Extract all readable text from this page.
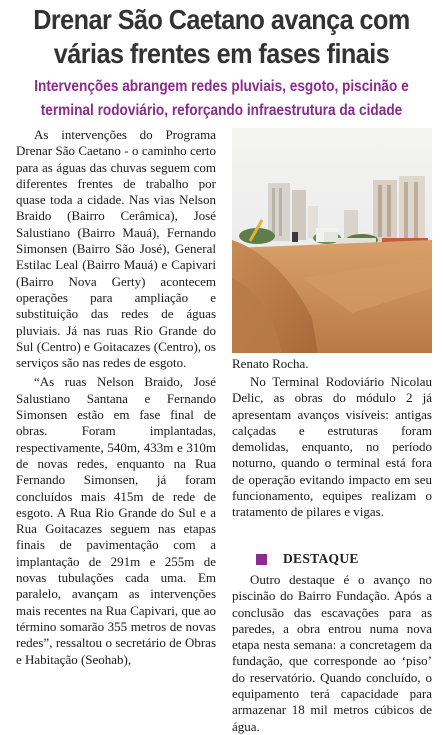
Drenar São Caetano avança com
várias frentes em fases finais
Intervenções abrangem redes pluviais, esgoto, piscinão e
terminal rodoviário, reforçando infraestrutura da cidade

As intervenções do Programa Drenar São Caetano - o caminho certo para as águas das chuvas seguem com diferentes frentes de trabalho por quase toda a cidade. Nas vias Nelson Braido (Bairro Cerâmica), José Salustiano (Bairro Mauá), Fernando Simonsen (Bairro São José), General Estilac Leal (Bairro Mauá) e Capivari (Bairro Nova Gerty) acontecem operações para ampliação e substituição das redes de águas pluviais. Já nas ruas Rio Grande do Sul (Centro) e Goitacazes (Centro), os serviços são nas redes de esgoto.

“As ruas Nelson Braido, José Salustiano Santana e Fernando Simonsen estão em fase final de obras. Foram implantadas, respectivamente, 540m, 433m e 310m de novas redes, enquanto na Rua Fernando Simonsen, já foram concluídos mais 415m de rede de esgoto. A Rua Rio Grande do Sul e a Rua Goitacazes seguem nas etapas finais de pavimentação com a implantação de 291m e 255m de novas tubulações cada uma. Em paralelo, avançam as intervenções mais recentes na Rua Capivari, que ao término somarão 355 metros de novas redes”, ressaltou o secretário de Obras e Habitação (Seohab),

Renato Rocha.

No Terminal Rodoviário Nicolau Delic, as obras do módulo 2 já apresentam avanços visíveis: antigas calçadas e estruturas foram demolidas, enquanto, no período noturno, quando o terminal está fora de operação evitando impacto em seu funcionamento, equipes realizam o tratamento de pilares e vigas.

DESTAQUE

Outro destaque é o avanço no piscinão do Bairro Fundação. Após a conclusão das escavações para as paredes, a obra entrou numa nova etapa nesta semana: a concretagem da fundação, que corresponde ao ‘piso’ do reservatório. Quando concluído, o equipamento terá capacidade para armazenar 18 mil metros cúbicos de água.
